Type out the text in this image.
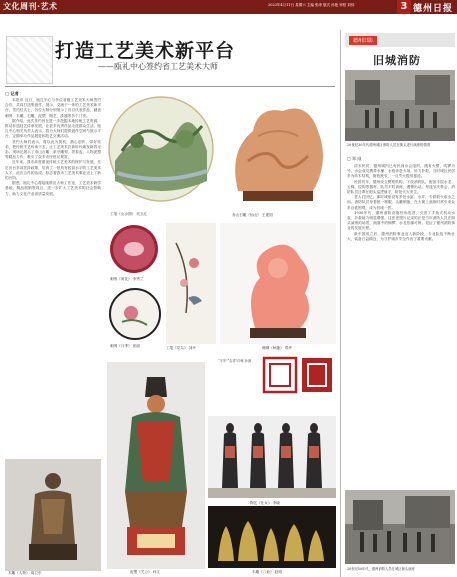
文化周刊·艺术	2023年4月11日 星期六 主编 张涛 版式 孙艳 审校 刘伟	3 德州日报
打造工艺美术新平台
——瓯礼中心签约省工艺美术大师
□ 记者

本报讯 近日，瓯礼中心与多位省级工艺美术大师签约合作，共同打造集创作、展示、交流于一体的工艺美术新平台。签约仪式上，各位大师分别展示了各自代表作品，涵盖刺绣、木雕、石雕、泥塑、陶艺、漆器等多个门类。

据介绍，此次签约旨在进一步挖掘本地传统工艺资源，推动非遗技艺传承发展，让更多优秀作品走进群众生活。瓯礼中心相关负责人表示，将为大师们提供创作空间与展示平台，定期举办作品展览和技艺交流活动。

签约大师们表示，将以此为契机，潜心创作，带好徒弟，把传统手艺传承下去，让工艺美术在新时代焕发新的光彩。现场还展示了寿山石雕、象牙雕刻、景泰蓝、人物泥塑等精品力作，吸引了众多市民驻足观赏。

近年来，我市高度重视传统工艺美术的保护与发展，先后出台多项扶持政策，培育了一批具有较高水平的工艺美术人才。此次合作的达成，标志着我市工艺美术事业迈上了新的台阶。

据悉，瓯礼中心将陆续推出大师工作室、工艺美术研学基地、精品展销等项目，进一步扩大工艺美术的社会影响力，助力文化产业高质量发展。

工笔《山水图》 吴玉红	寿山石雕《仙山》 王建国
刺绣《荷花》 李秀兰
刺绣《月季》 张丽	工笔《花鸟》 刘丹	珊瑚《秋趣》 郑华
“平安”“吉祥”印章 孙涛
泥塑《关公》 孙文
木雕《人物》 周卫东
陶艺《仕女》 李晓
木雕《八仙》 赵明
德州旧影
旧城消防
20世纪30年代德州城区消防人员在街头进行演练的情景
□ 郑 刚

清末民初，德州城内已有民间水会组织，遇有火警，鸣锣为号，水会成员携带水桶、水枪奔赴火场，协力扑救。当时城区民居多为砖木结构，街巷狭窄，一旦失火极易蔓延。

民国初年，德州设立警察机构，下设消防队，配备手摇水龙、云梯、挠钩等器材，队员平时训练，遇警出动。每逢节庆集会，消防队员还要在街头巡逻值守，防范火灾发生。

老人们回忆，那时城里设有多处水缸、水井，专供救火取水之用。消防队员身着统一制服，头戴铜盔，在大街上演练时常引来众多百姓围观，成为旧城一景。

1930年代，德州消防设施有所改进，引进了手抬式机动水泵，扑救能力明显增强。这张老照片记录的正是当年消防人员在街头演练的场景，画面中的铜锣、水龙依稀可辨，见证了德州消防事业的发展历程。

新中国成立后，德州消防事业迈入新阶段，专业队伍不断壮大，装备日益精良，为守护城市安全作出了重要贡献。

20世纪50年代，德州消防人员在城区街头演练
